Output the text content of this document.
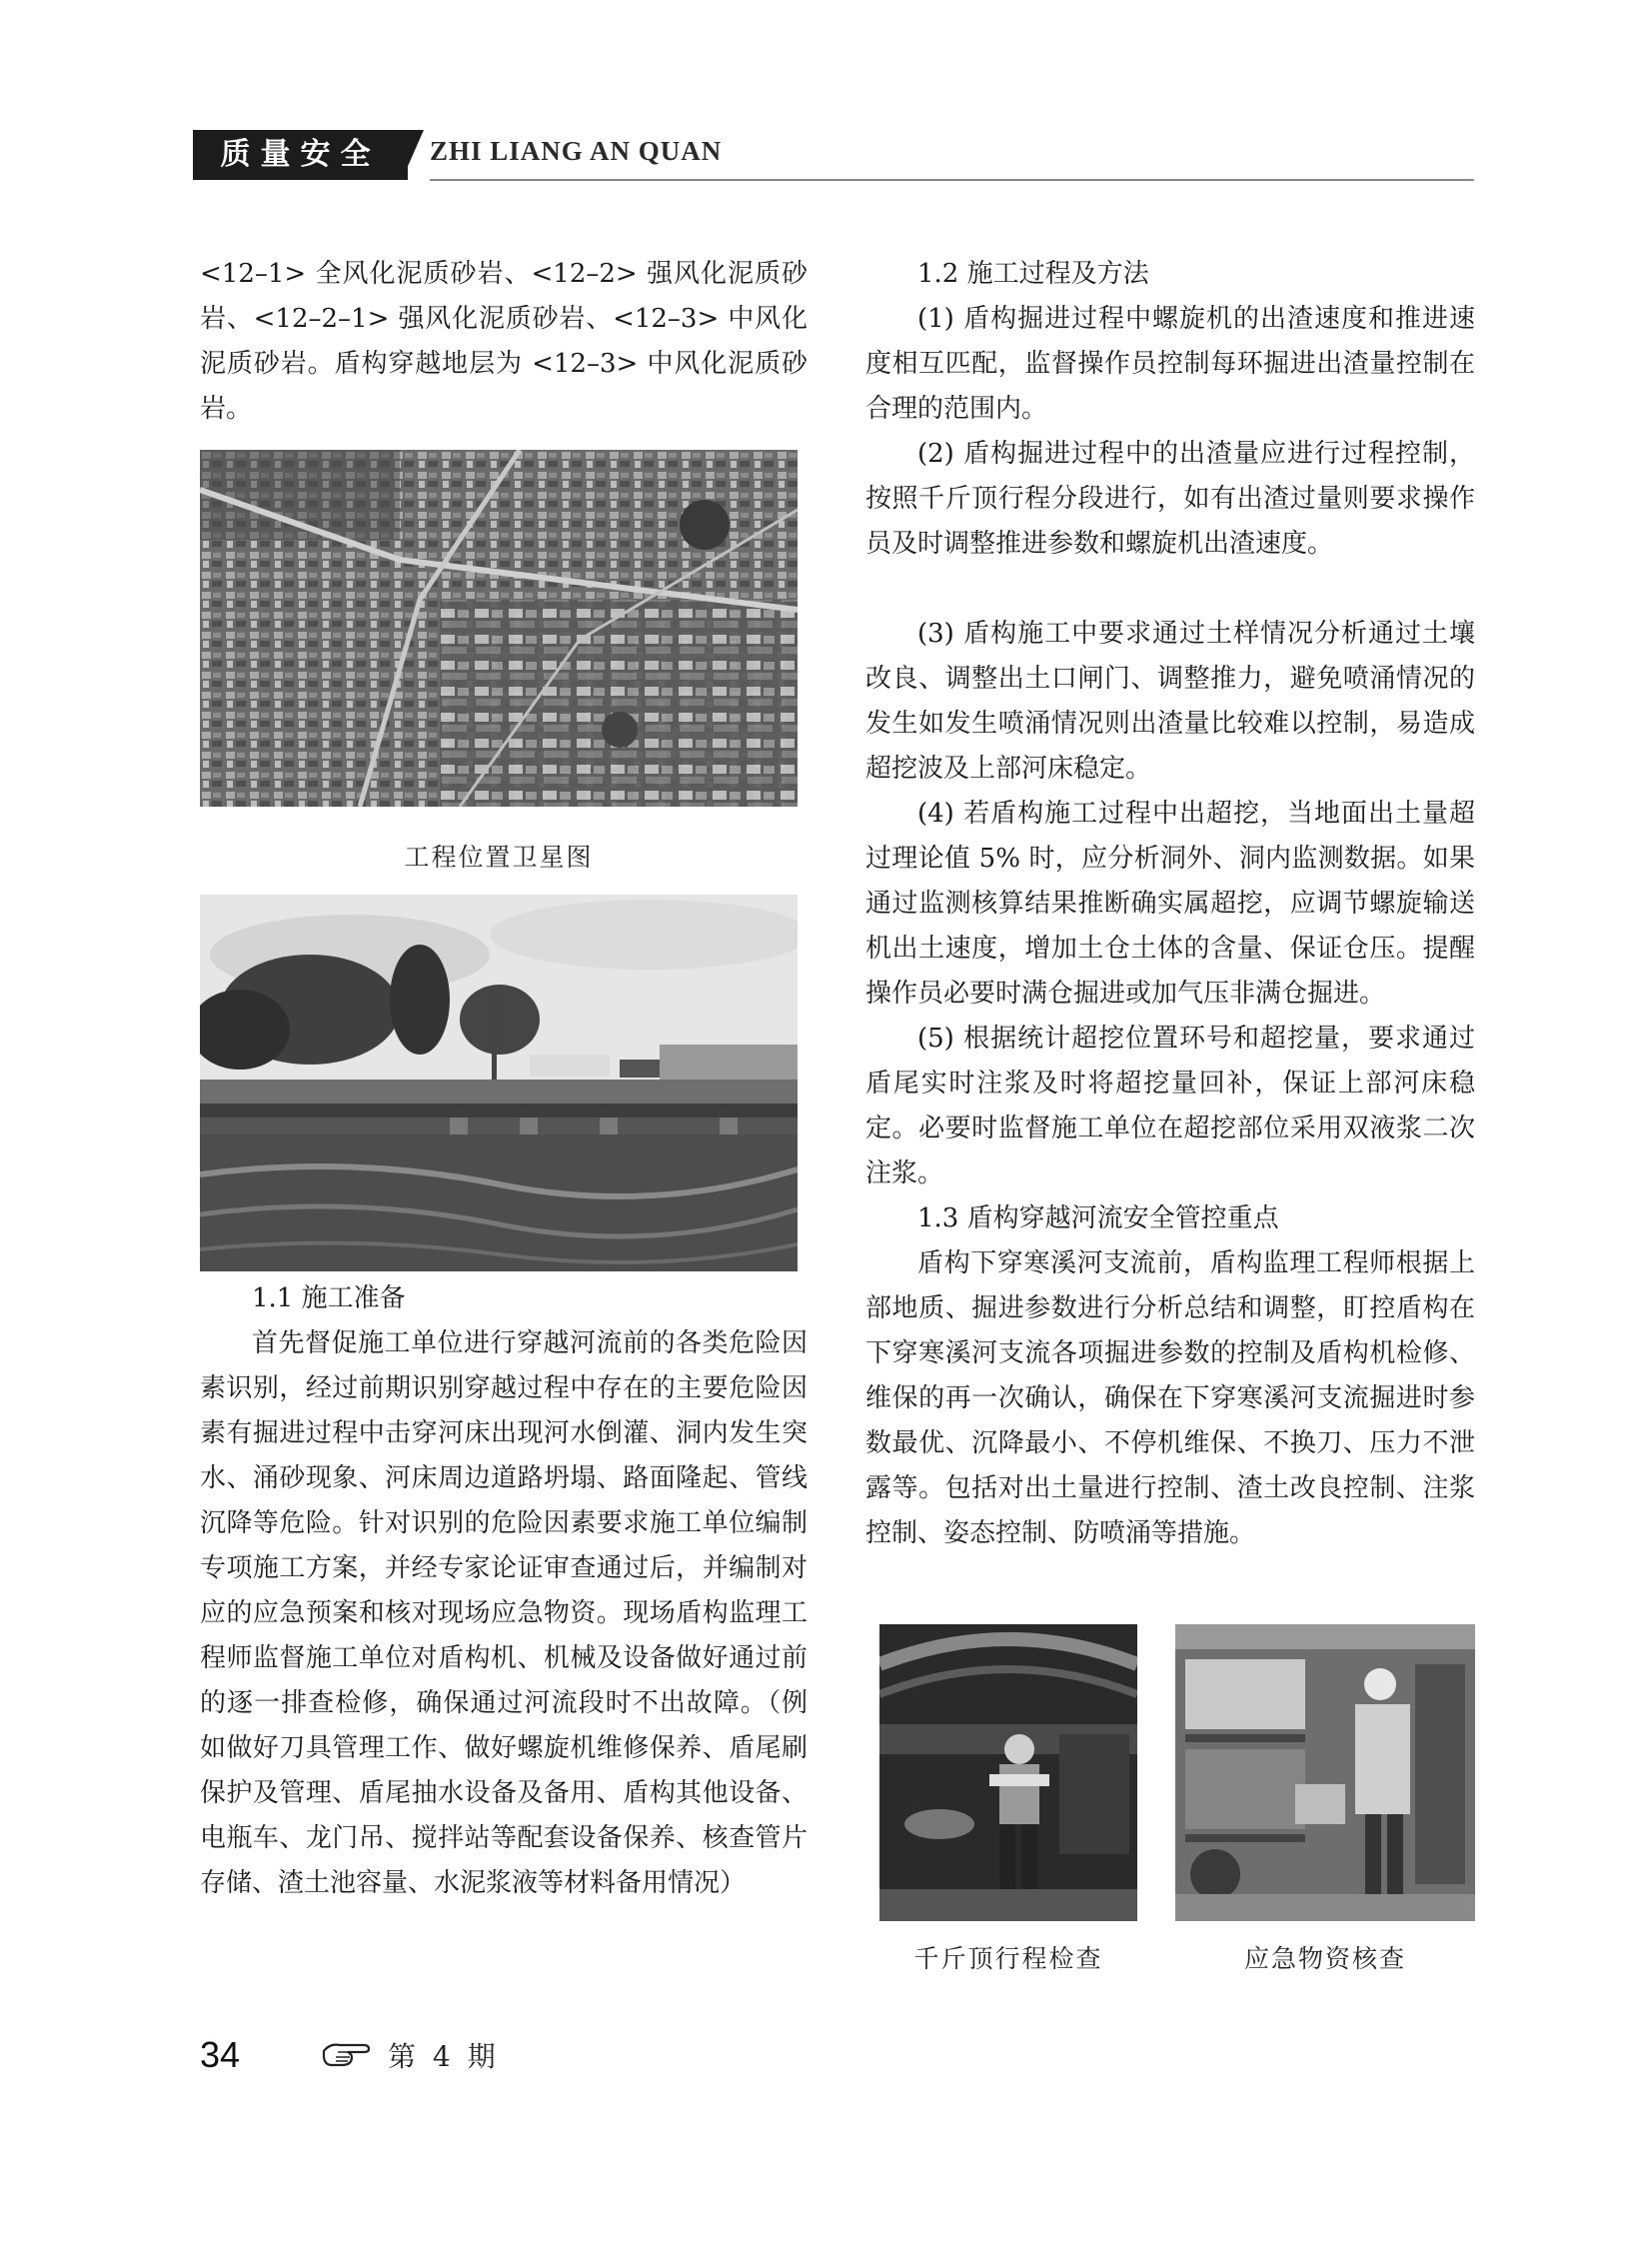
质量安全	ZHI LIANG AN QUAN

<12–1> 全风化泥质砂岩、<12–2> 强风化泥质砂岩、<12–2–1> 强风化泥质砂岩、<12–3> 中风化泥质砂岩。盾构穿越地层为 <12–3> 中风化泥质砂岩。

工程位置卫星图

1.1 施工准备

首先督促施工单位进行穿越河流前的各类危险因素识别，经过前期识别穿越过程中存在的主要危险因素有掘进过程中击穿河床出现河水倒灌、洞内发生突水、涌砂现象、河床周边道路坍塌、路面隆起、管线沉降等危险。针对识别的危险因素要求施工单位编制专项施工方案，并经专家论证审查通过后，并编制对应的应急预案和核对现场应急物资。现场盾构监理工程师监督施工单位对盾构机、机械及设备做好通过前的逐一排查检修，确保通过河流段时不出故障。（例如做好刀具管理工作、做好螺旋机维修保养、盾尾刷保护及管理、盾尾抽水设备及备用、盾构其他设备、电瓶车、龙门吊、搅拌站等配套设备保养、核查管片存储、渣土池容量、水泥浆液等材料备用情况）

1.2 施工过程及方法

(1) 盾构掘进过程中螺旋机的出渣速度和推进速度相互匹配，监督操作员控制每环掘进出渣量控制在合理的范围内。

(2) 盾构掘进过程中的出渣量应进行过程控制，按照千斤顶行程分段进行，如有出渣过量则要求操作员及时调整推进参数和螺旋机出渣速度。

(3) 盾构施工中要求通过土样情况分析通过土壤改良、调整出土口闸门、调整推力，避免喷涌情况的发生如发生喷涌情况则出渣量比较难以控制，易造成超挖波及上部河床稳定。

(4) 若盾构施工过程中出超挖，当地面出土量超过理论值 5% 时，应分析洞外、洞内监测数据。如果通过监测核算结果推断确实属超挖，应调节螺旋输送机出土速度，增加土仓土体的含量、保证仓压。提醒操作员必要时满仓掘进或加气压非满仓掘进。

(5) 根据统计超挖位置环号和超挖量，要求通过盾尾实时注浆及时将超挖量回补，保证上部河床稳定。必要时监督施工单位在超挖部位采用双液浆二次注浆。

1.3 盾构穿越河流安全管控重点

盾构下穿寒溪河支流前，盾构监理工程师根据上部地质、掘进参数进行分析总结和调整，盯控盾构在下穿寒溪河支流各项掘进参数的控制及盾构机检修、维保的再一次确认，确保在下穿寒溪河支流掘进时参数最优、沉降最小、不停机维保、不换刀、压力不泄露等。包括对出土量进行控制、渣土改良控制、注浆控制、姿态控制、防喷涌等措施。

千斤顶行程检查	应急物资核查
34	第 4 期
